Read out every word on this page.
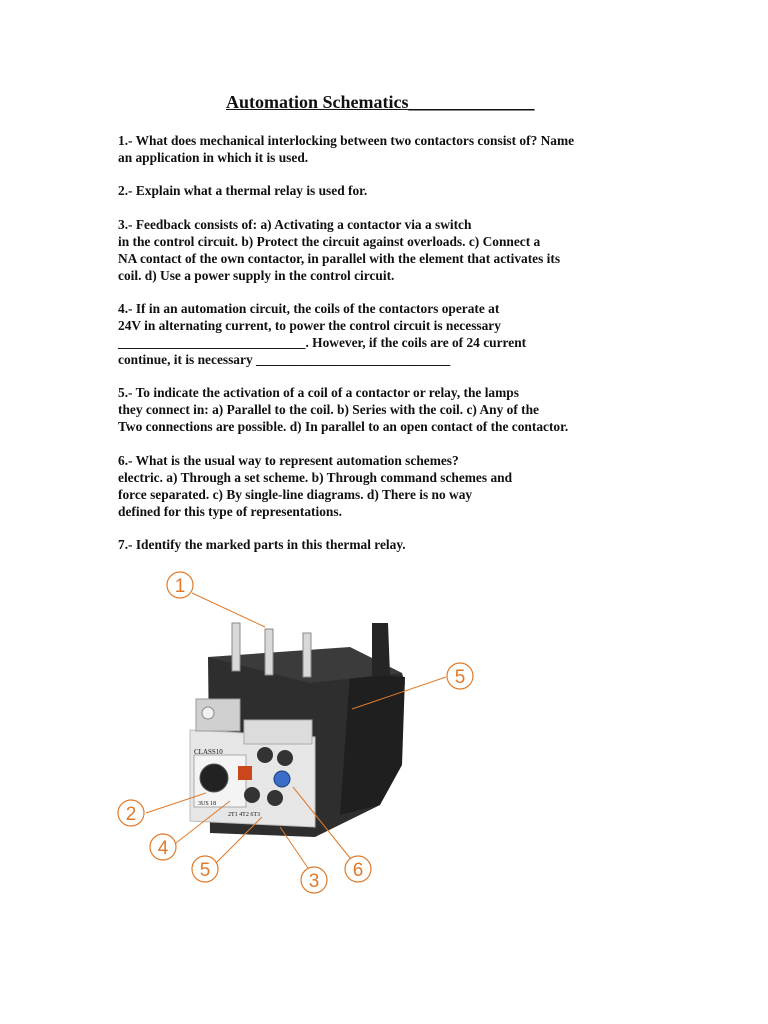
Automation Schematics______________
1.- What does mechanical interlocking between two contactors consist of? Name
an application in which it is used.
2.- Explain what a thermal relay is used for.
3.- Feedback consists of: a) Activating a contactor via a switch
in the control circuit. b) Protect the circuit against overloads. c) Connect a
NA contact of the own contactor, in parallel with the element that activates its
coil. d) Use a power supply in the control circuit.
4.- If in an automation circuit, the coils of the contactors operate at
24V in alternating current, to power the control circuit is necessary
____________________________. However, if the coils are of 24 current
continue, it is necessary _____________________________
5.- To indicate the activation of a coil of a contactor or relay, the lamps
they connect in: a) Parallel to the coil. b) Series with the coil. c) Any of the
Two connections are possible. d) In parallel to an open contact of the contactor.
6.- What is the usual way to represent automation schemes?
electric. a) Through a set scheme. b) Through command schemes and
force separated. c) By single-line diagrams. d) There is no way
defined for this type of representations.
7.- Identify the marked parts in this thermal relay.
CLASS10
3US 18
2T1 4T2 6T3
1
5
2
4
5
3
6
